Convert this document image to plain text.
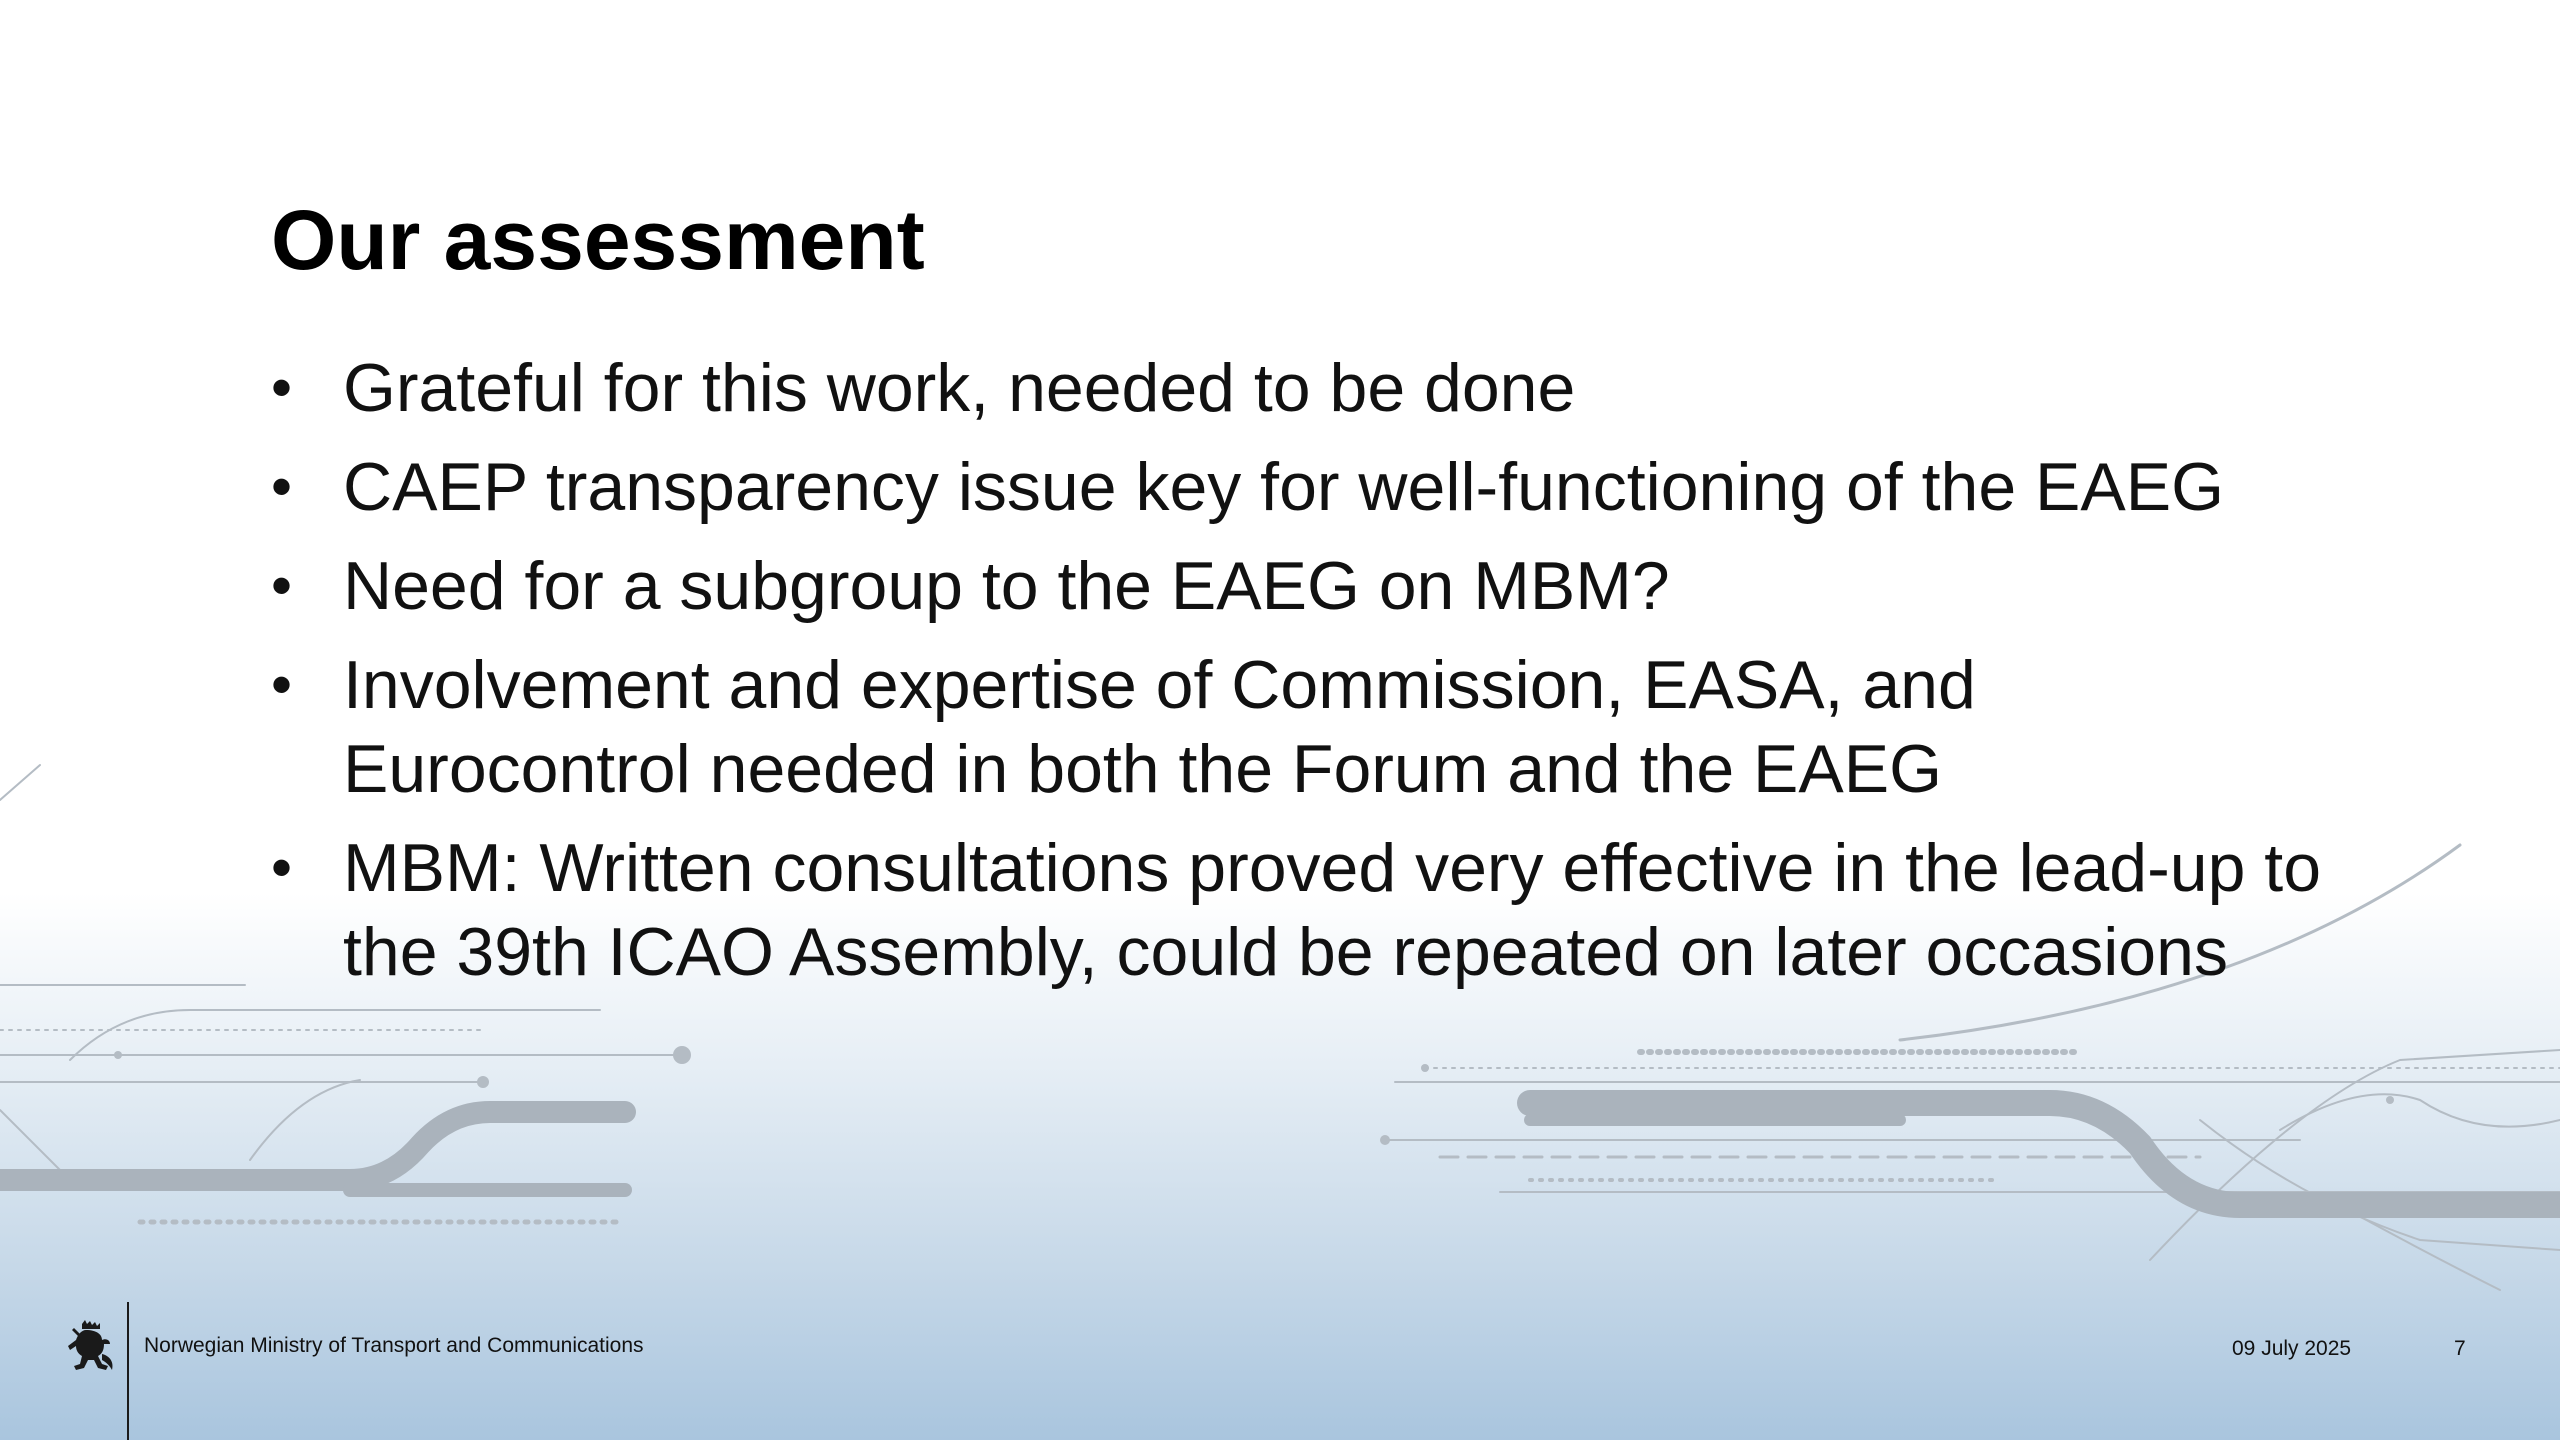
Our assessment
• Grateful for this work, needed to be done
• CAEP transparency issue key for well-functioning of the EAEG
• Need for a subgroup to the EAEG on MBM?
• Involvement and expertise of Commission, EASA, and Eurocontrol needed in both the Forum and the EAEG
• MBM: Written consultations proved very effective in the lead-up to the 39th ICAO Assembly, could be repeated on later occasions
Norwegian Ministry of Transport and Communications	09 July 2025	7
